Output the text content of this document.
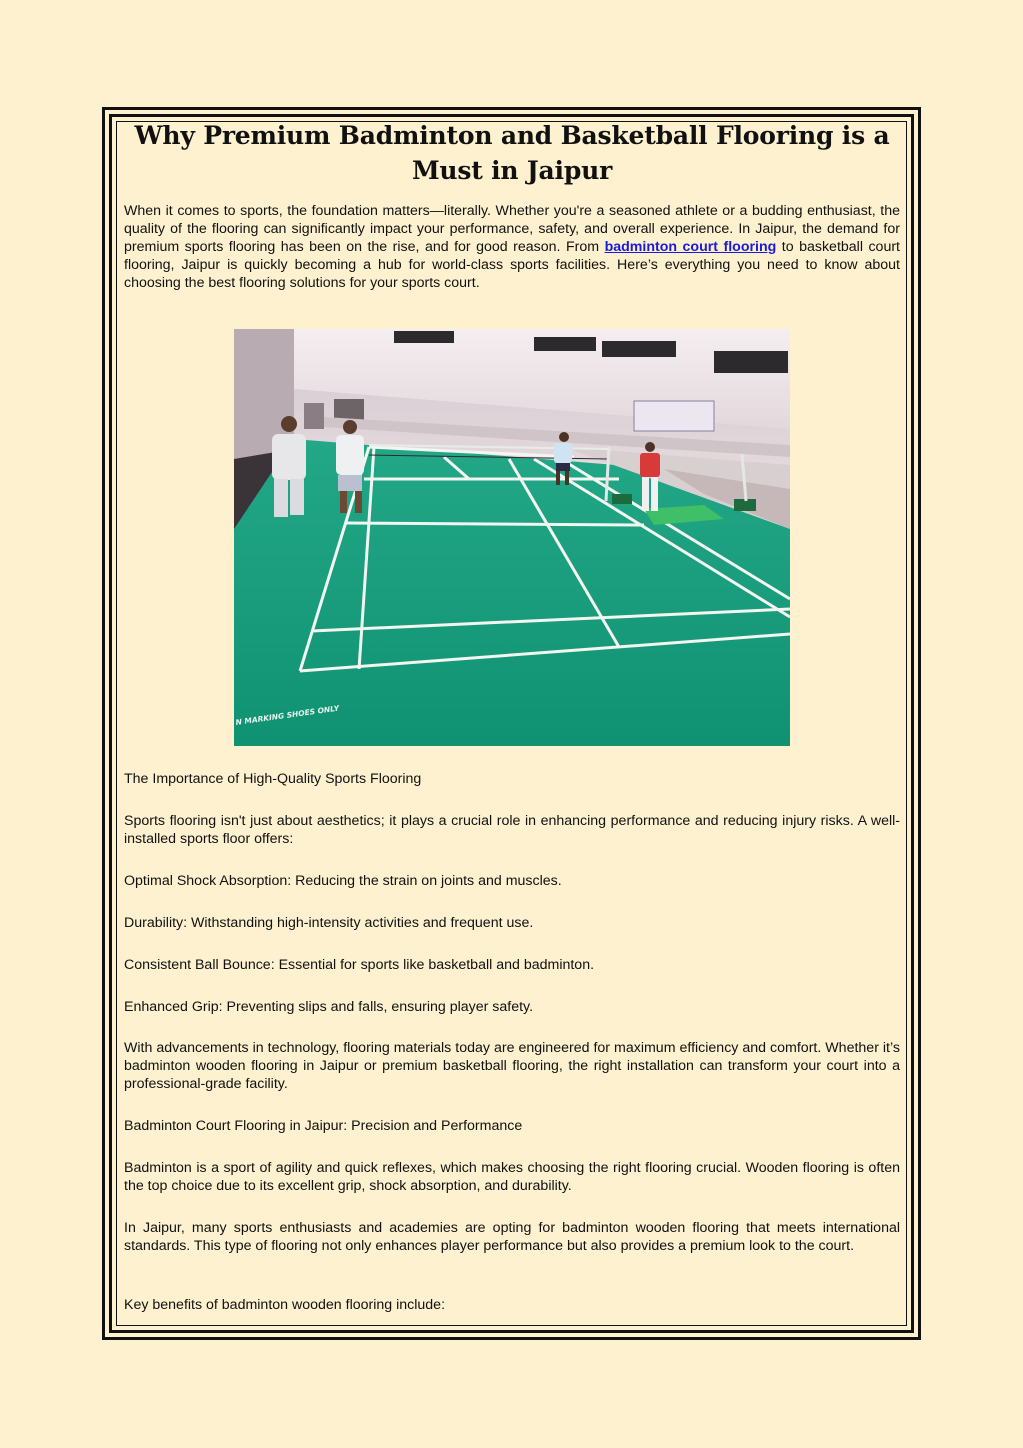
Why Premium Badminton and Basketball Flooring is a Must in Jaipur

When it comes to sports, the foundation matters—literally. Whether you're a seasoned athlete or a budding enthusiast, the quality of the flooring can significantly impact your performance, safety, and overall experience. In Jaipur, the demand for premium sports flooring has been on the rise, and for good reason. From badminton court flooring to basketball court flooring, Jaipur is quickly becoming a hub for world-class sports facilities. Here’s everything you need to know about choosing the best flooring solutions for your sports court.

N MARKING SHOES ONLY

The Importance of High-Quality Sports Flooring

Sports flooring isn't just about aesthetics; it plays a crucial role in enhancing performance and reducing injury risks. A well-installed sports floor offers:

Optimal Shock Absorption: Reducing the strain on joints and muscles.

Durability: Withstanding high-intensity activities and frequent use.

Consistent Ball Bounce: Essential for sports like basketball and badminton.

Enhanced Grip: Preventing slips and falls, ensuring player safety.

With advancements in technology, flooring materials today are engineered for maximum efficiency and comfort. Whether it’s badminton wooden flooring in Jaipur or premium basketball flooring, the right installation can transform your court into a professional-grade facility.

Badminton Court Flooring in Jaipur: Precision and Performance

Badminton is a sport of agility and quick reflexes, which makes choosing the right flooring crucial. Wooden flooring is often the top choice due to its excellent grip, shock absorption, and durability.

In Jaipur, many sports enthusiasts and academies are opting for badminton wooden flooring that meets international standards. This type of flooring not only enhances player performance but also provides a premium look to the court.

Key benefits of badminton wooden flooring include:
